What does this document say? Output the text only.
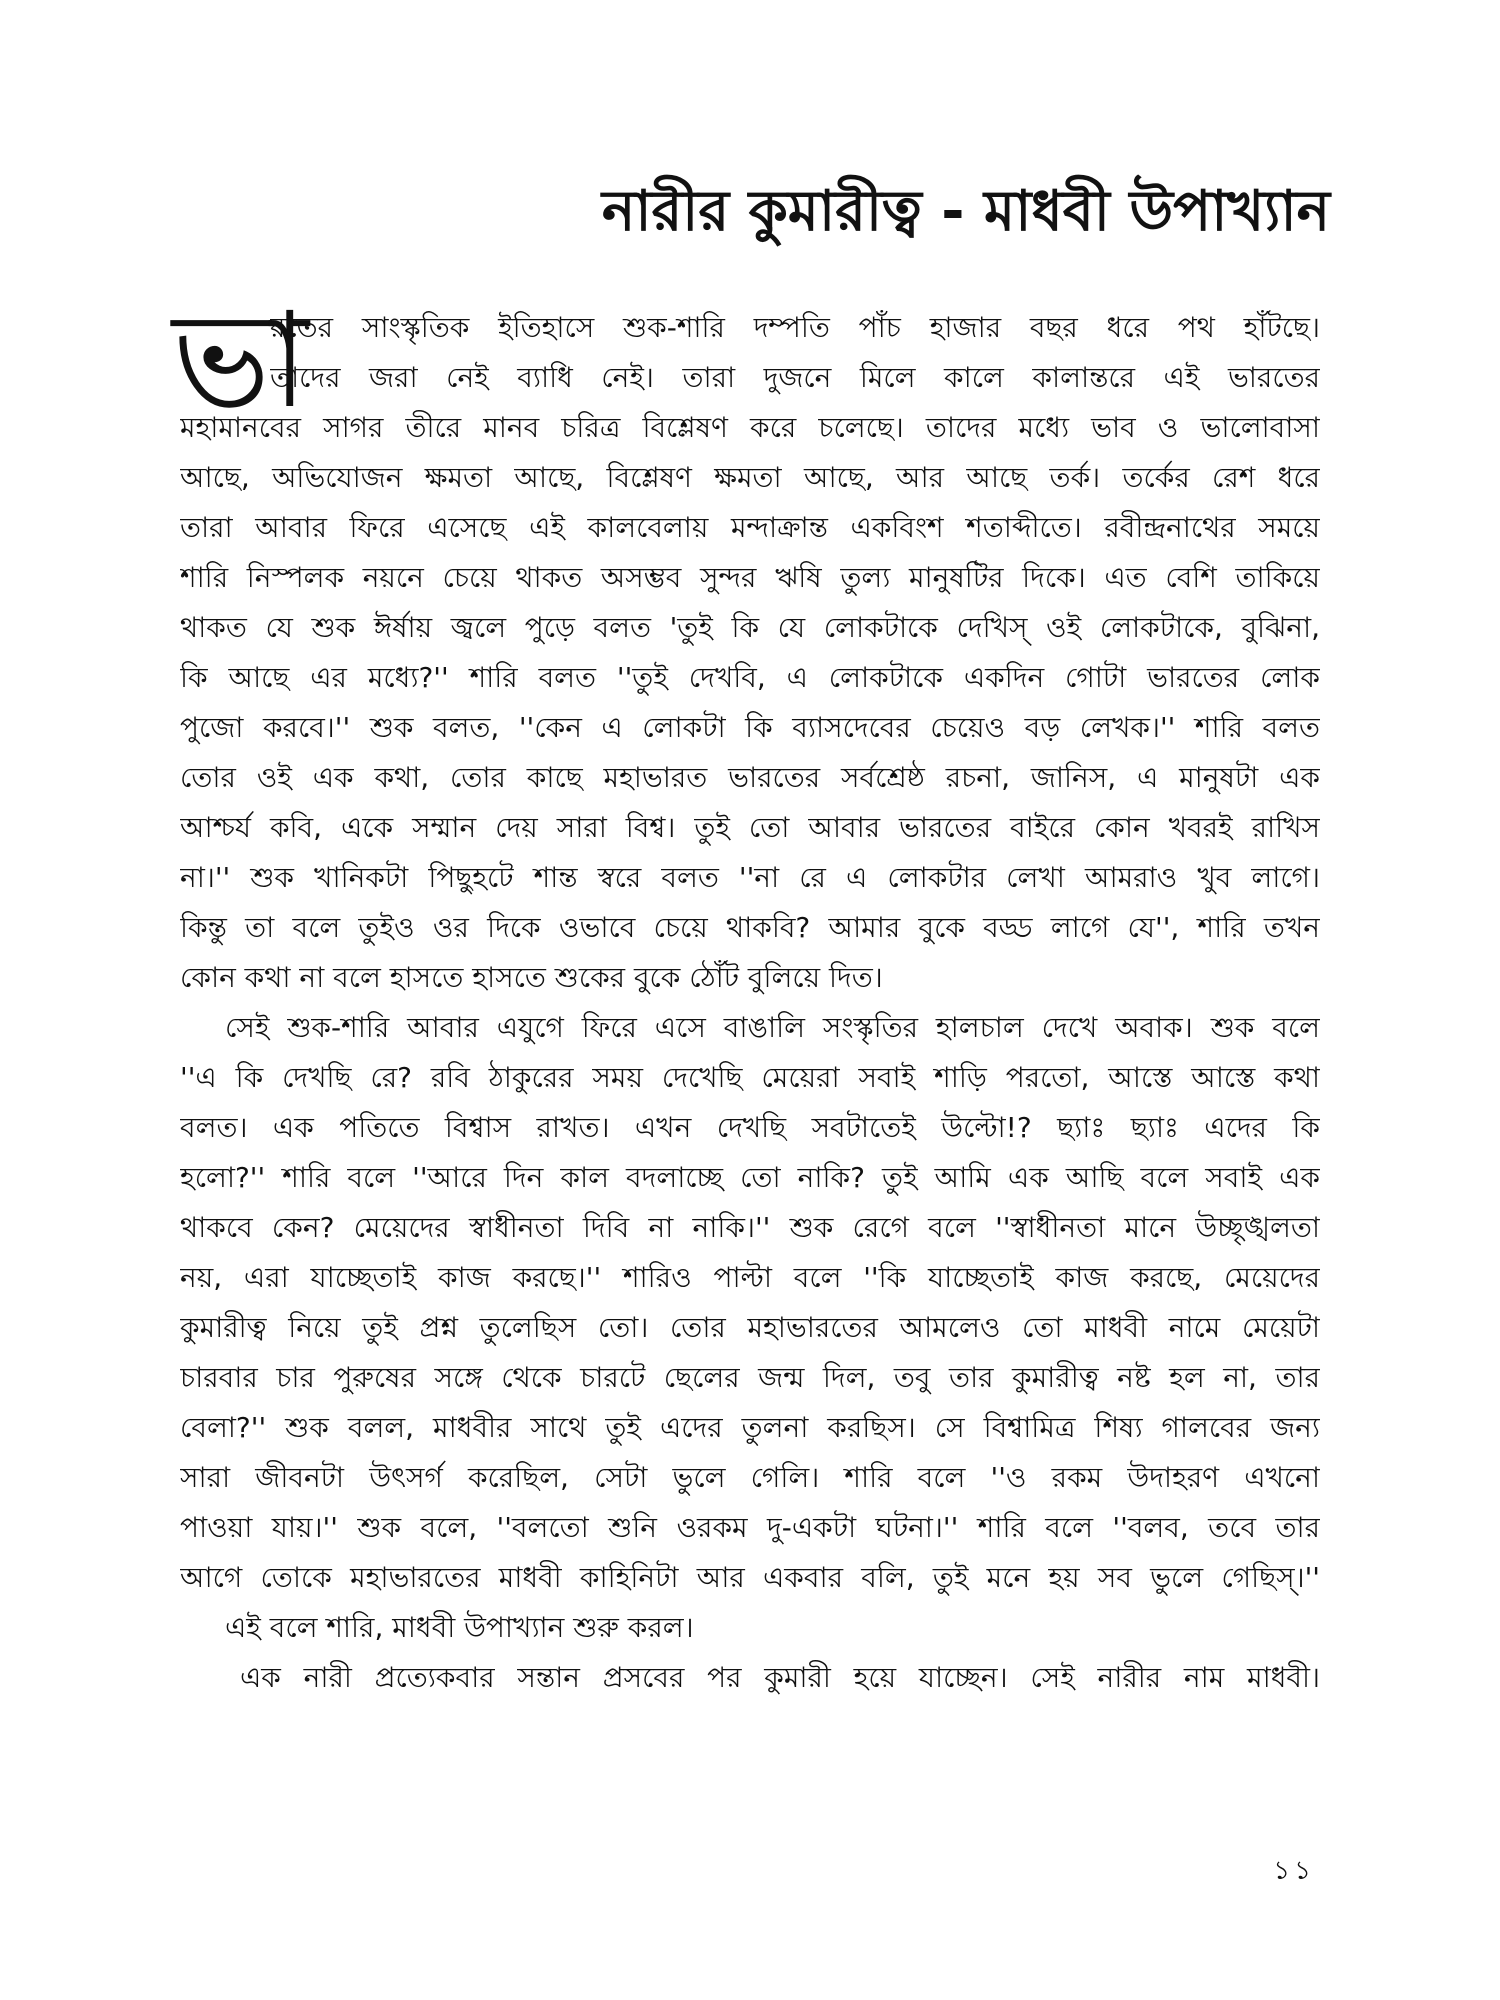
নারীর কুমারীত্ব - মাধবী উপাখ্যান
ভা
রতের সাংস্কৃতিক ইতিহাসে শুক-শারি দম্পতি পাঁচ হাজার বছর ধরে পথ হাঁটছে।
তাদের জরা নেই ব্যাধি নেই। তারা দুজনে মিলে কালে কালান্তরে এই ভারতের
মহামানবের সাগর তীরে মানব চরিত্র বিশ্লেষণ করে চলেছে। তাদের মধ্যে ভাব ও ভালোবাসা
আছে, অভিযোজন ক্ষমতা আছে, বিশ্লেষণ ক্ষমতা আছে, আর আছে তর্ক। তর্কের রেশ ধরে
তারা আবার ফিরে এসেছে এই কালবেলায় মন্দাক্রান্ত একবিংশ শতাব্দীতে। রবীন্দ্রনাথের সময়ে
শারি নিস্পলক নয়নে চেয়ে থাকত অসম্ভব সুন্দর ঋষি তুল্য মানুষটির দিকে। এত বেশি তাকিয়ে
থাকত যে শুক ঈর্ষায় জ্বলে পুড়ে বলত 'তুই কি যে লোকটাকে দেখিস্ ওই লোকটাকে, বুঝিনা,
কি আছে এর মধ্যে?'' শারি বলত ''তুই দেখবি, এ লোকটাকে একদিন গোটা ভারতের লোক
পুজো করবে।'' শুক বলত, ''কেন এ লোকটা কি ব্যাসদেবের চেয়েও বড় লেখক।'' শারি বলত
তোর ওই এক কথা, তোর কাছে মহাভারত ভারতের সর্বশ্রেষ্ঠ রচনা, জানিস, এ মানুষটা এক
আশ্চর্য কবি, একে সম্মান দেয় সারা বিশ্ব। তুই তো আবার ভারতের বাইরে কোন খবরই রাখিস
না।'' শুক খানিকটা পিছুহটে শান্ত স্বরে বলত ''না রে এ লোকটার লেখা আমরাও খুব লাগে।
কিন্তু তা বলে তুইও ওর দিকে ওভাবে চেয়ে থাকবি? আমার বুকে বড্ড লাগে যে'', শারি তখন
কোন কথা না বলে হাসতে হাসতে শুকের বুকে ঠোঁট বুলিয়ে দিত।
সেই শুক-শারি আবার এযুগে ফিরে এসে বাঙালি সংস্কৃতির হালচাল দেখে অবাক। শুক বলে
''এ কি দেখছি রে? রবি ঠাকুরের সময় দেখেছি মেয়েরা সবাই শাড়ি পরতো, আস্তে আস্তে কথা
বলত। এক পতিতে বিশ্বাস রাখত। এখন দেখছি সবটাতেই উল্টো!? ছ্যাঃ ছ্যাঃ এদের কি
হলো?'' শারি বলে ''আরে দিন কাল বদলাচ্ছে তো নাকি? তুই আমি এক আছি বলে সবাই এক
থাকবে কেন? মেয়েদের স্বাধীনতা দিবি না নাকি।'' শুক রেগে বলে ''স্বাধীনতা মানে উচ্ছৃঙ্খলতা
নয়, এরা যাচ্ছেতাই কাজ করছে।'' শারিও পাল্টা বলে ''কি যাচ্ছেতাই কাজ করছে, মেয়েদের
কুমারীত্ব নিয়ে তুই প্রশ্ন তুলেছিস তো। তোর মহাভারতের আমলেও তো মাধবী নামে মেয়েটা
চারবার চার পুরুষের সঙ্গে থেকে চারটে ছেলের জন্ম দিল, তবু তার কুমারীত্ব নষ্ট হল না, তার
বেলা?'' শুক বলল, মাধবীর সাথে তুই এদের তুলনা করছিস। সে বিশ্বামিত্র শিষ্য গালবের জন্য
সারা জীবনটা উৎসর্গ করেছিল, সেটা ভুলে গেলি। শারি বলে ''ও রকম উদাহরণ এখনো
পাওয়া যায়।'' শুক বলে, ''বলতো শুনি ওরকম দু-একটা ঘটনা।'' শারি বলে ''বলব, তবে তার
আগে তোকে মহাভারতের মাধবী কাহিনিটা আর একবার বলি, তুই মনে হয় সব ভুলে গেছিস্।''
এই বলে শারি, মাধবী উপাখ্যান শুরু করল।
এক নারী প্রত্যেকবার সন্তান প্রসবের পর কুমারী হয়ে যাচ্ছেন। সেই নারীর নাম মাধবী।
১১
